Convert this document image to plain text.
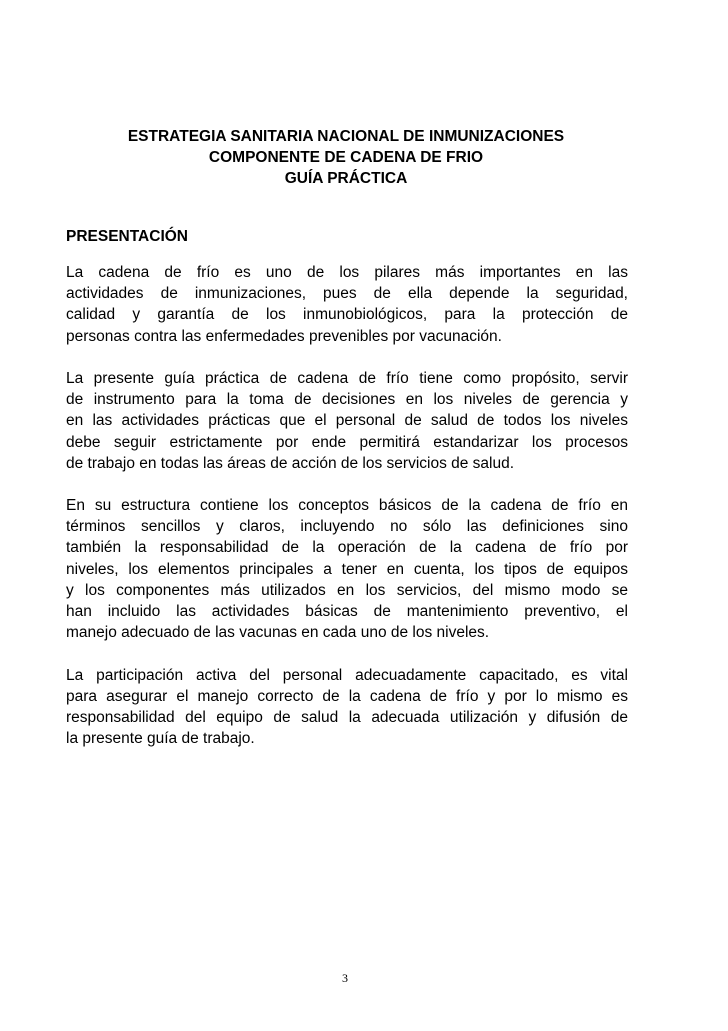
ESTRATEGIA SANITARIA NACIONAL DE INMUNIZACIONES
COMPONENTE DE CADENA DE FRIO
GUÍA PRÁCTICA
PRESENTACIÓN
La cadena de frío es uno de los pilares más importantes en las
actividades de inmunizaciones, pues de ella depende la seguridad,
calidad y garantía de los inmunobiológicos, para la protección de
personas contra las enfermedades prevenibles por vacunación.
La presente guía práctica de cadena de frío tiene como propósito, servir
de instrumento para la toma de decisiones en los niveles de gerencia y
en las actividades prácticas que el personal de salud de todos los niveles
debe seguir estrictamente por ende permitirá estandarizar los procesos
de trabajo en todas las áreas de acción de los servicios de salud.
En su estructura contiene los conceptos básicos de la cadena de frío en
términos sencillos y claros, incluyendo no sólo las definiciones sino
también la responsabilidad de la operación de la cadena de frío por
niveles, los elementos principales a tener en cuenta, los tipos de equipos
y los componentes más utilizados en los servicios, del mismo modo se
han incluido las actividades básicas de mantenimiento preventivo, el
manejo adecuado de las vacunas en cada uno de los niveles.
La participación activa del personal adecuadamente capacitado, es vital
para asegurar el manejo correcto de la cadena de frío y por lo mismo es
responsabilidad del equipo de salud la adecuada utilización y difusión de
la presente guía de trabajo.
3
